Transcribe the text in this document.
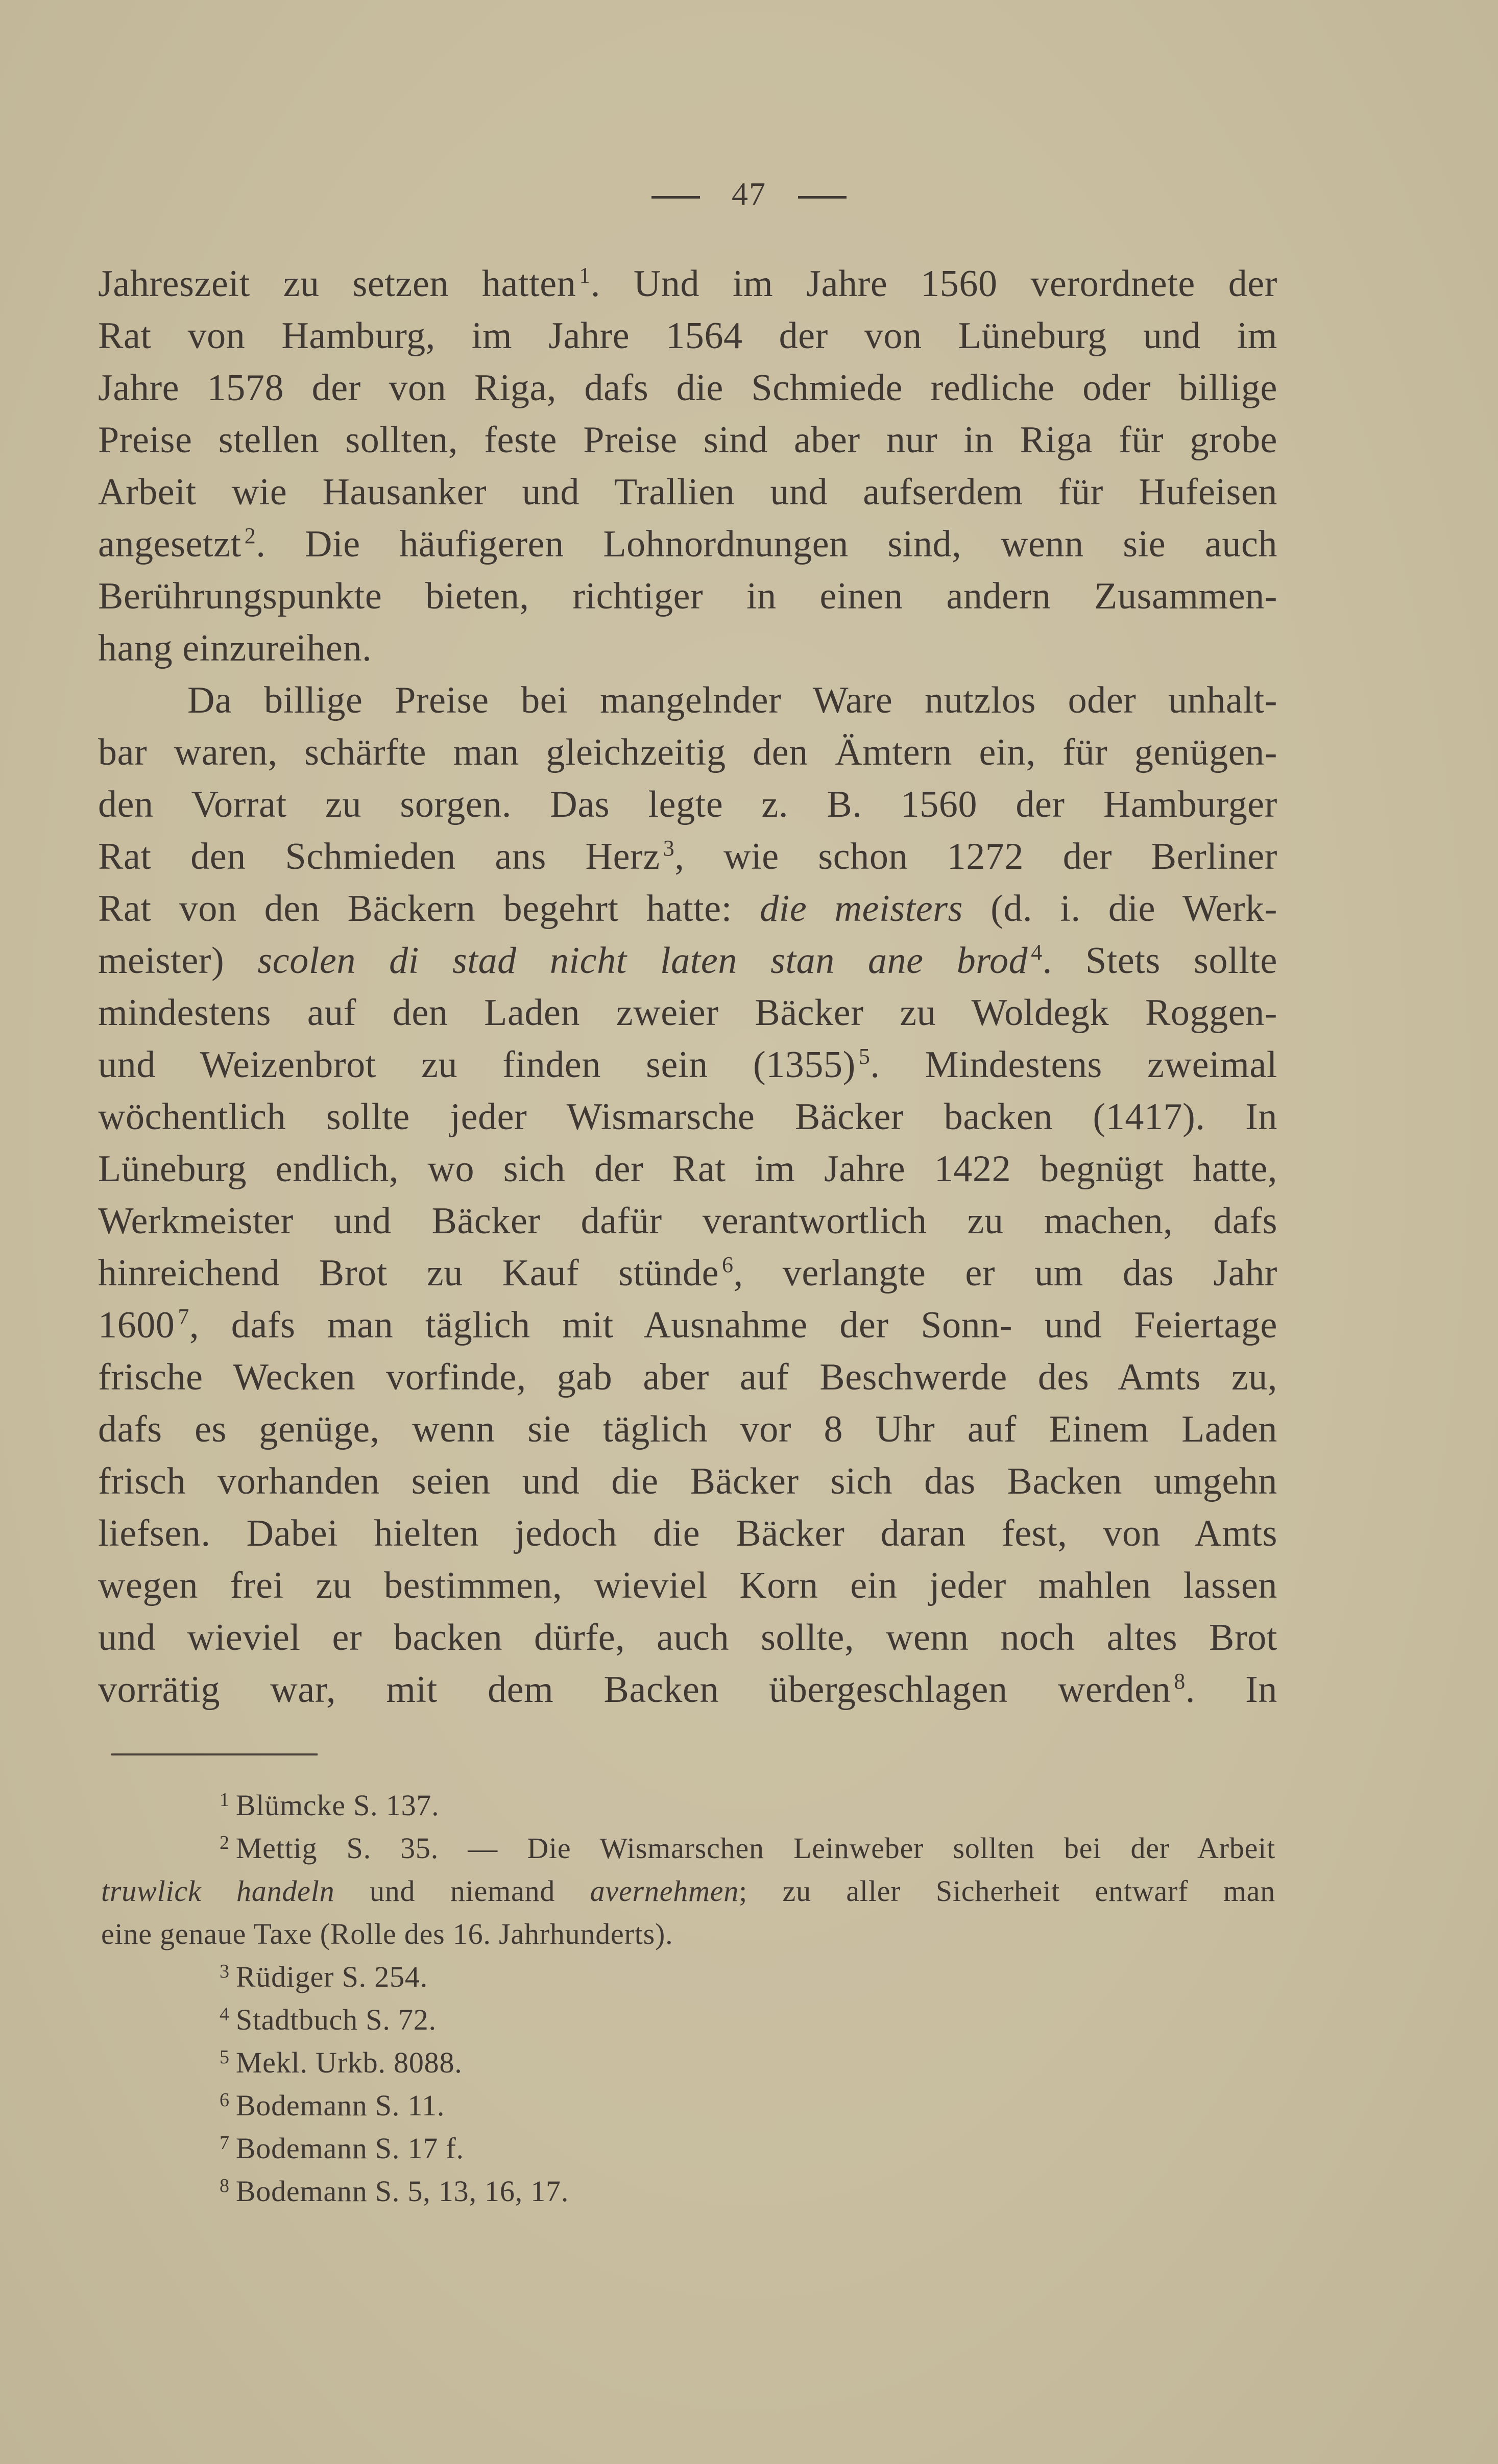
47
Jahreszeit zu setzen hatten $^1$. Und im Jahre 1560 verordnete der
Rat von Hamburg, im Jahre 1564 der von Lüneburg und im
Jahre 1578 der von Riga, dafs die Schmiede redliche oder billige
Preise stellen sollten, feste Preise sind aber nur in Riga für grobe
Arbeit wie Hausanker und Trallien und aufserdem für Hufeisen
angesetzt $^2$. Die häufigeren Lohnordnungen sind, wenn sie auch
Berührungspunkte bieten, richtiger in einen andern Zusammen-
hang einzureihen.
Da billige Preise bei mangelnder Ware nutzlos oder unhalt-
bar waren, schärfte man gleichzeitig den Ämtern ein, für genügen-
den Vorrat zu sorgen. Das legte z. B. 1560 der Hamburger
Rat den Schmieden ans Herz $^3$, wie schon 1272 der Berliner
Rat von den Bäckern begehrt hatte: die meisters (d. i. die Werk-
meister) scolen di stad nicht laten stan ane brod $^4$. Stets sollte
mindestens auf den Laden zweier Bäcker zu Woldegk Roggen-
und Weizenbrot zu finden sein (1355) $^5$. Mindestens zweimal
wöchentlich sollte jeder Wismarsche Bäcker backen (1417). In
Lüneburg endlich, wo sich der Rat im Jahre 1422 begnügt hatte,
Werkmeister und Bäcker dafür verantwortlich zu machen, dafs
hinreichend Brot zu Kauf stünde $^6$, verlangte er um das Jahr
1600 $^7$, dafs man täglich mit Ausnahme der Sonn- und Feiertage
frische Wecken vorfinde, gab aber auf Beschwerde des Amts zu,
dafs es genüge, wenn sie täglich vor 8 Uhr auf Einem Laden
frisch vorhanden seien und die Bäcker sich das Backen umgehn
liefsen. Dabei hielten jedoch die Bäcker daran fest, von Amts
wegen frei zu bestimmen, wieviel Korn ein jeder mahlen lassen
und wieviel er backen dürfe, auch sollte, wenn noch altes Brot
vorrätig war, mit dem Backen übergeschlagen werden $^8$. In
$^1$ Blümcke S. 137.
$^2$ Mettig S. 35. — Die Wismarschen Leinweber sollten bei der Arbeit
truwlick handeln und niemand avernehmen; zu aller Sicherheit entwarf man
eine genaue Taxe (Rolle des 16. Jahrhunderts).
$^3$ Rüdiger S. 254.
$^4$ Stadtbuch S. 72.
$^5$ Mekl. Urkb. 8088.
$^6$ Bodemann S. 11.
$^7$ Bodemann S. 17 f.
$^8$ Bodemann S. 5, 13, 16, 17.
